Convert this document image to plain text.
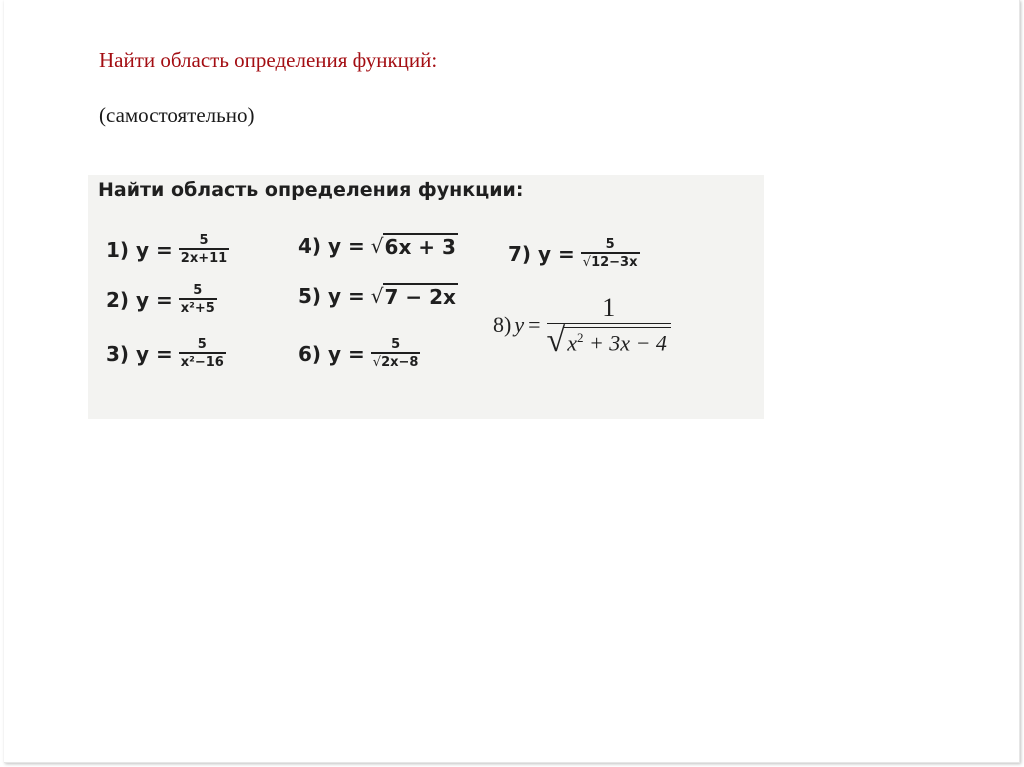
Найти область определения функций:
(самостоятельно)
Найти область определения функции:
1) $y = \frac{5}{2x+11}$
2) $y = \frac{5}{\text{x²+5}}$
3) $y = \frac{5}{\text{x²−16}}$
4) y = √ 6x + 3
5) y = √ 7 − 2x
6) $y = \frac{5}{√2x-8}$
7) $y = \frac{5}{√12-3x}$
8) $y = \frac{1}{√ x^2 + 3x - 4}$
